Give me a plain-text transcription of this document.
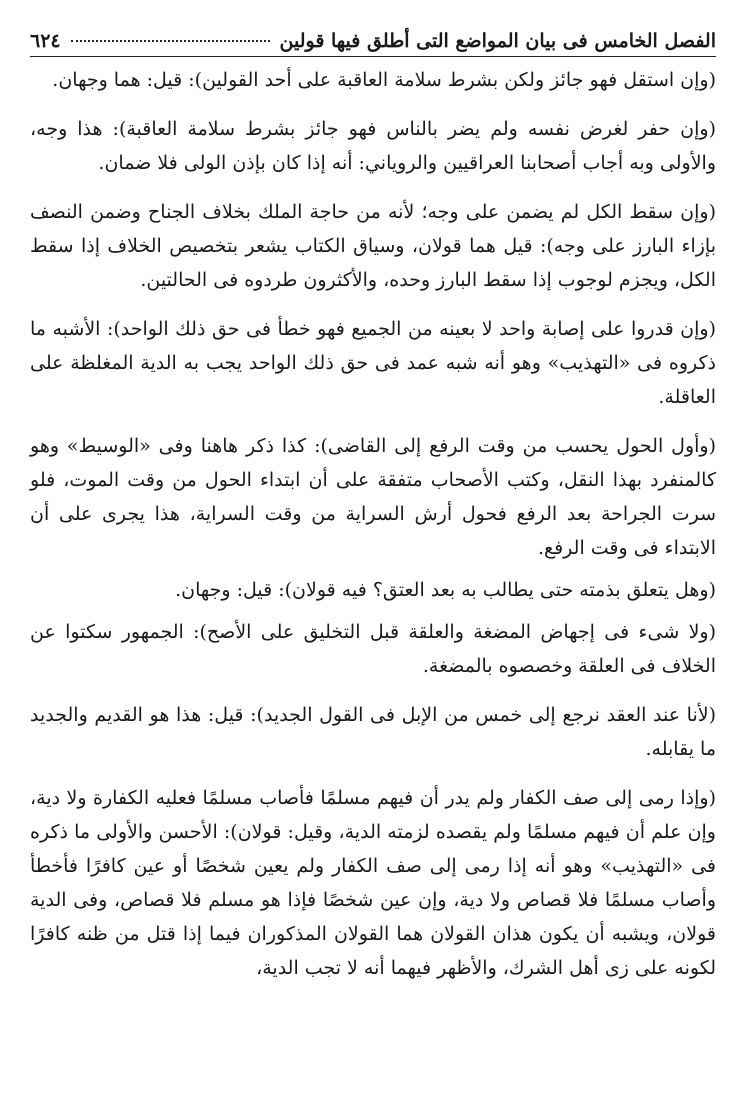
الفصل الخامس فى بيان المواضع التى أطلق فيها قولين
٦٢٤

(وإن استقل فهو جائز ولكن بشرط سلامة العاقبة على أحد القولين): قيل: هما وجهان.

(وإن حفر لغرض نفسه ولم يضر بالناس فهو جائز بشرط سلامة العاقبة): هذا وجه، والأولى وبه أجاب أصحابنا العراقيين والروياني: أنه إذا كان بإذن الولى فلا ضمان.

(وإن سقط الكل لم يضمن على وجه؛ لأنه من حاجة الملك بخلاف الجناح وضمن النصف بإزاء البارز على وجه): قيل هما قولان، وسياق الكتاب يشعر بتخصيص الخلاف إذا سقط الكل، ويجزم لوجوب إذا سقط البارز وحده، والأكثرون طردوه فى الحالتين.

(وإن قدروا على إصابة واحد لا بعينه من الجميع فهو خطأ فى حق ذلك الواحد): الأشبه ما ذكروه فى «التهذيب» وهو أنه شبه عمد فى حق ذلك الواحد يجب به الدية المغلظة على العاقلة.

(وأول الحول يحسب من وقت الرفع إلى القاضى): كذا ذكر هاهنا وفى «الوسيط» وهو كالمنفرد بهذا النقل، وكتب الأصحاب متفقة على أن ابتداء الحول من وقت الموت، فلو سرت الجراحة بعد الرفع فحول أرش السراية من وقت السراية، هذا يجرى على أن الابتداء فى وقت الرفع.

(وهل يتعلق بذمته حتى يطالب به بعد العتق؟ فيه قولان): قيل: وجهان.

(ولا شىء فى إجهاض المضغة والعلقة قبل التخليق على الأصح): الجمهور سكتوا عن الخلاف فى العلقة وخصصوه بالمضغة.

(لأنا عند العقد نرجع إلى خمس من الإبل فى القول الجديد): قيل: هذا هو القديم والجديد ما يقابله.

(وإذا رمى إلى صف الكفار ولم يدر أن فيهم مسلمًا فأصاب مسلمًا فعليه الكفارة ولا دية، وإن علم أن فيهم مسلمًا ولم يقصده لزمته الدية، وقيل: قولان): الأحسن والأولى ما ذكره فى «التهذيب» وهو أنه إذا رمى إلى صف الكفار ولم يعين شخصًا أو عين كافرًا فأخطأ وأصاب مسلمًا فلا قصاص ولا دية، وإن عين شخصًا فإذا هو مسلم فلا قصاص، وفى الدية قولان، ويشبه أن يكون هذان القولان هما القولان المذكوران فيما إذا قتل من ظنه كافرًا لكونه على زى أهل الشرك، والأظهر فيهما أنه لا تجب الدية،
